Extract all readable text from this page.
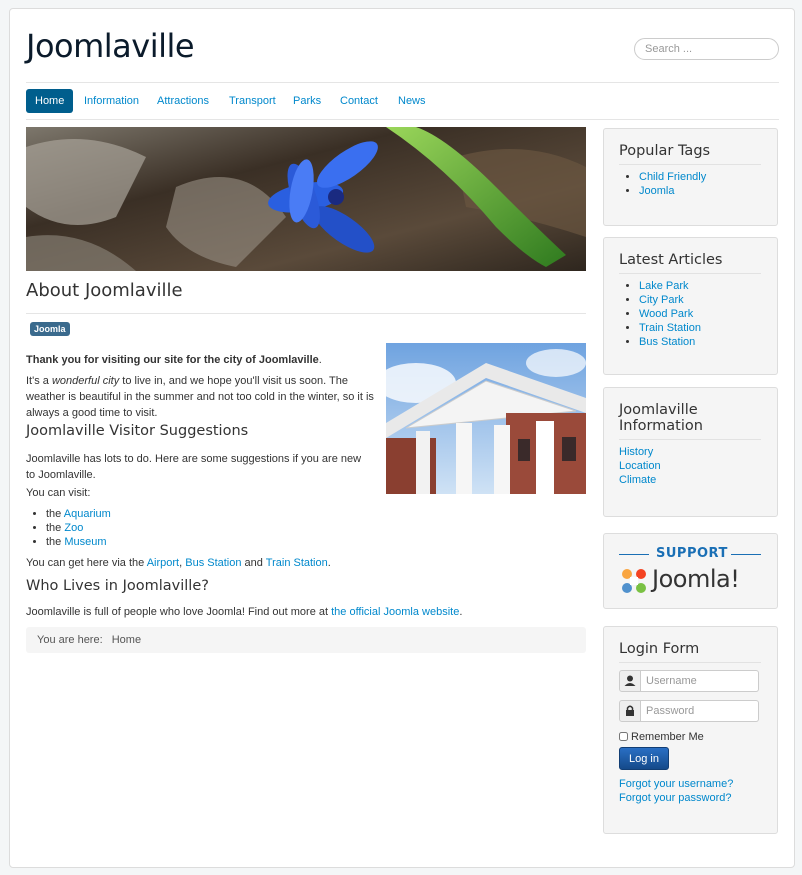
Joomlaville
Search ...
Home	Information	Attractions	Transport	Parks	Contact	News
About Joomlaville
Joomla
Thank you for visiting our site for the city of Joomlaville.
It's a wonderful city to live in, and we hope you'll visit us soon. The weather is beautiful in the summer and not too cold in the winter, so it is always a good time to visit.
Joomlaville Visitor Suggestions
Joomlaville has lots to do. Here are some suggestions if you are new to Joomlaville.
You can visit:
• the Aquarium
• the Zoo
• the Museum
You can get here via the Airport, Bus Station and Train Station.
Who Lives in Joomlaville?
Joomlaville is full of people who love Joomla! Find out more at the official Joomla website.
You are here: Home
Popular Tags
• Child Friendly
• Joomla
Latest Articles
• Lake Park
• City Park
• Wood Park
• Train Station
• Bus Station
Joomlaville Information
History
Location
Climate
SUPPORT
Joomla!
Login Form
Username
Remember Me
Log in
Forgot your username?
Forgot your password?
